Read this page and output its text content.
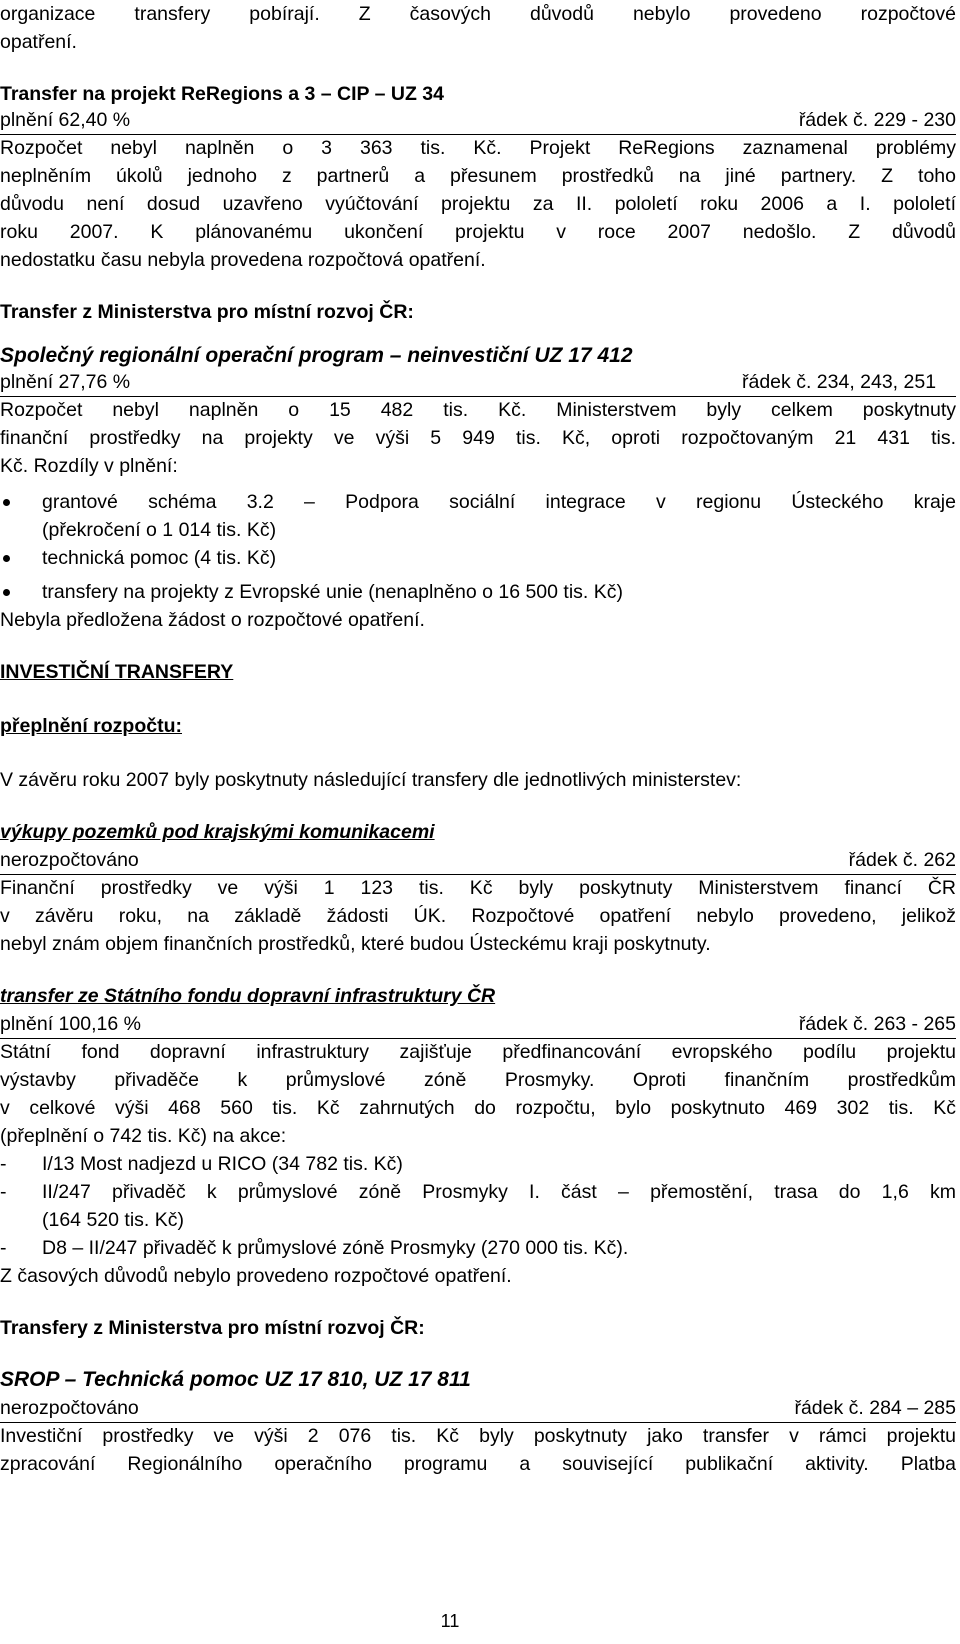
organizace transfery pobírají. Z časových důvodů nebylo provedeno rozpočtové
opatření.
Transfer na projekt ReRegions a 3 – CIP – UZ 34
plnění 62,40 %	řádek č. 229 - 230
Rozpočet nebyl naplněn o 3 363 tis. Kč. Projekt ReRegions zaznamenal problémy
neplněním úkolů jednoho z partnerů a přesunem prostředků na jiné partnery. Z toho
důvodu není dosud uzavřeno vyúčtování projektu za II. pololetí roku 2006 a I. pololetí
roku 2007. K plánovanému ukončení projektu v roce 2007 nedošlo. Z důvodů
nedostatku času nebyla provedena rozpočtová opatření.
Transfer z Ministerstva pro místní rozvoj ČR:
Společný regionální operační program – neinvestiční UZ 17 412
plnění 27,76 %	řádek č. 234, 243, 251
Rozpočet nebyl naplněn o 15 482 tis. Kč. Ministerstvem byly celkem poskytnuty
finanční prostředky na projekty ve výši 5 949 tis. Kč, oproti rozpočtovaným 21 431 tis.
Kč. Rozdíly v plnění:
grantové schéma 3.2 – Podpora sociální integrace v regionu Ústeckého kraje
(překročení o 1 014 tis. Kč)
technická pomoc (4 tis. Kč)
transfery na projekty z Evropské unie (nenaplněno o 16 500 tis. Kč)
Nebyla předložena žádost o rozpočtové opatření.
INVESTIČNÍ TRANSFERY
přeplnění rozpočtu:
V závěru roku 2007 byly poskytnuty následující transfery dle jednotlivých ministerstev:
výkupy pozemků pod krajskými komunikacemi
nerozpočtováno	řádek č. 262
Finanční prostředky ve výši 1 123 tis. Kč byly poskytnuty Ministerstvem financí ČR
v závěru roku, na základě žádosti ÚK. Rozpočtové opatření nebylo provedeno, jelikož
nebyl znám objem finančních prostředků, které budou Ústeckému kraji poskytnuty.
transfer ze Státního fondu dopravní infrastruktury ČR
plnění 100,16 %	řádek č. 263 - 265
Státní fond dopravní infrastruktury zajišťuje předfinancování evropského podílu projektu
výstavby přivaděče k průmyslové zóně Prosmyky. Oproti finančním prostředkům
v celkové výši 468 560 tis. Kč zahrnutých do rozpočtu, bylo poskytnuto 469 302 tis. Kč
(přeplnění o 742 tis. Kč) na akce:
- I/13 Most nadjezd u RICO (34 782 tis. Kč)
- II/247 přivaděč k průmyslové zóně Prosmyky I. část – přemostění, trasa do 1,6 km
(164 520 tis. Kč)
- D8 – II/247 přivaděč k průmyslové zóně Prosmyky (270 000 tis. Kč).
Z časových důvodů nebylo provedeno rozpočtové opatření.
Transfery z Ministerstva pro místní rozvoj ČR:
SROP – Technická pomoc UZ 17 810, UZ 17 811
nerozpočtováno	řádek č. 284 – 285
Investiční prostředky ve výši 2 076 tis. Kč byly poskytnuty jako transfer v rámci projektu
zpracování Regionálního operačního programu a související publikační aktivity. Platba
11
